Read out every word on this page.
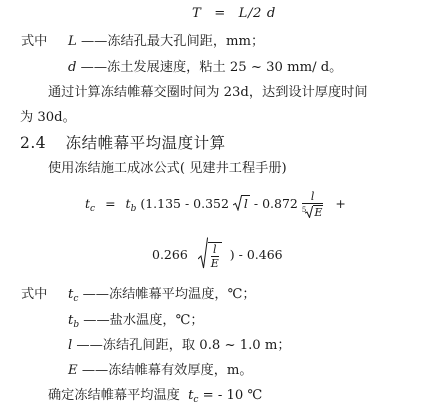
T = L/2 d
式中 L ——冻结孔最大孔间距，mm；
d ——冻土发展速度，粘土 25 ~ 30 mm/ d。
通过计算冻结帷幕交圈时间为 23d，达到设计厚度时间
为 30d。
2.4 冻结帷幕平均温度计算
使用冻结施工成冰公式( 见建井工程手册)
$t_c = t_b$ (1.135 - 0.352 l - $0.872 \frac{l}{^5 E}$ +
$0.266 \frac{l}{E}$ ) - 0.466
式中 $t_c$ ——冻结帷幕平均温度，℃；
$t_b$ ——盐水温度，℃；
l ——冻结孔间距，取 0.8 ~ 1.0 m；
E ——冻结帷幕有效厚度，m。
确定冻结帷幕平均温度 $t_c$ = - 10 ℃
